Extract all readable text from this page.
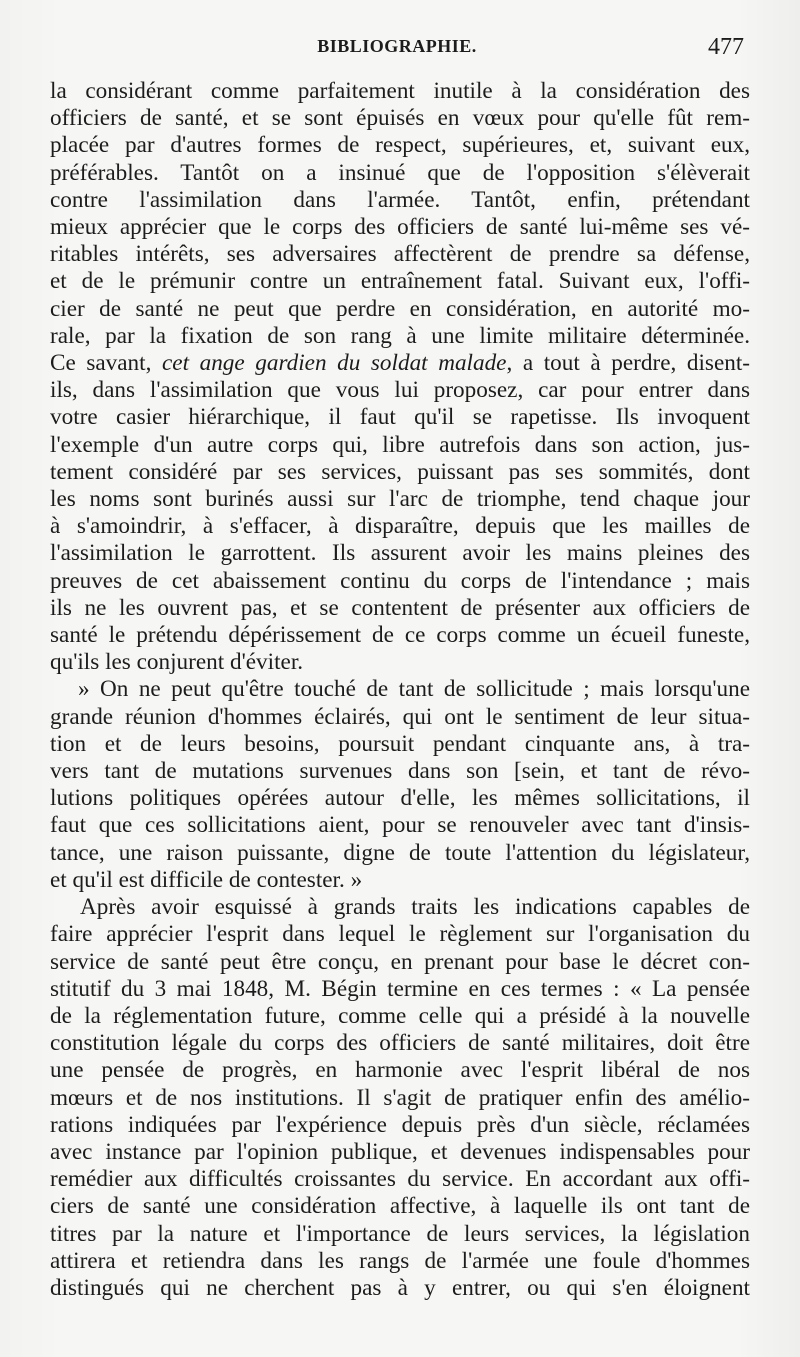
BIBLIOGRAPHIE.	477
la considérant comme parfaitement inutile à la considération des
officiers de santé, et se sont épuisés en vœux pour qu'elle fût rem-
placée par d'autres formes de respect, supérieures, et, suivant eux,
préférables. Tantôt on a insinué que de l'opposition s'élèverait
contre l'assimilation dans l'armée. Tantôt, enfin, prétendant
mieux apprécier que le corps des officiers de santé lui-même ses vé-
ritables intérêts, ses adversaires affectèrent de prendre sa défense,
et de le prémunir contre un entraînement fatal. Suivant eux, l'offi-
cier de santé ne peut que perdre en considération, en autorité mo-
rale, par la fixation de son rang à une limite militaire déterminée.
Ce savant, cet ange gardien du soldat malade, a tout à perdre, disent-
ils, dans l'assimilation que vous lui proposez, car pour entrer dans
votre casier hiérarchique, il faut qu'il se rapetisse. Ils invoquent
l'exemple d'un autre corps qui, libre autrefois dans son action, jus-
tement considéré par ses services, puissant pas ses sommités, dont
les noms sont burinés aussi sur l'arc de triomphe, tend chaque jour
à s'amoindrir, à s'effacer, à disparaître, depuis que les mailles de
l'assimilation le garrottent. Ils assurent avoir les mains pleines des
preuves de cet abaissement continu du corps de l'intendance ; mais
ils ne les ouvrent pas, et se contentent de présenter aux officiers de
santé le prétendu dépérissement de ce corps comme un écueil funeste,
qu'ils les conjurent d'éviter.
» On ne peut qu'être touché de tant de sollicitude ; mais lorsqu'une
grande réunion d'hommes éclairés, qui ont le sentiment de leur situa-
tion et de leurs besoins, poursuit pendant cinquante ans, à tra-
vers tant de mutations survenues dans son [sein, et tant de révo-
lutions politiques opérées autour d'elle, les mêmes sollicitations, il
faut que ces sollicitations aient, pour se renouveler avec tant d'insis-
tance, une raison puissante, digne de toute l'attention du législateur,
et qu'il est difficile de contester. »
Après avoir esquissé à grands traits les indications capables de
faire apprécier l'esprit dans lequel le règlement sur l'organisation du
service de santé peut être conçu, en prenant pour base le décret con-
stitutif du 3 mai 1848, M. Bégin termine en ces termes : « La pensée
de la réglementation future, comme celle qui a présidé à la nouvelle
constitution légale du corps des officiers de santé militaires, doit être
une pensée de progrès, en harmonie avec l'esprit libéral de nos
mœurs et de nos institutions. Il s'agit de pratiquer enfin des amélio-
rations indiquées par l'expérience depuis près d'un siècle, réclamées
avec instance par l'opinion publique, et devenues indispensables pour
remédier aux difficultés croissantes du service. En accordant aux offi-
ciers de santé une considération affective, à laquelle ils ont tant de
titres par la nature et l'importance de leurs services, la législation
attirera et retiendra dans les rangs de l'armée une foule d'hommes
distingués qui ne cherchent pas à y entrer, ou qui s'en éloignent
